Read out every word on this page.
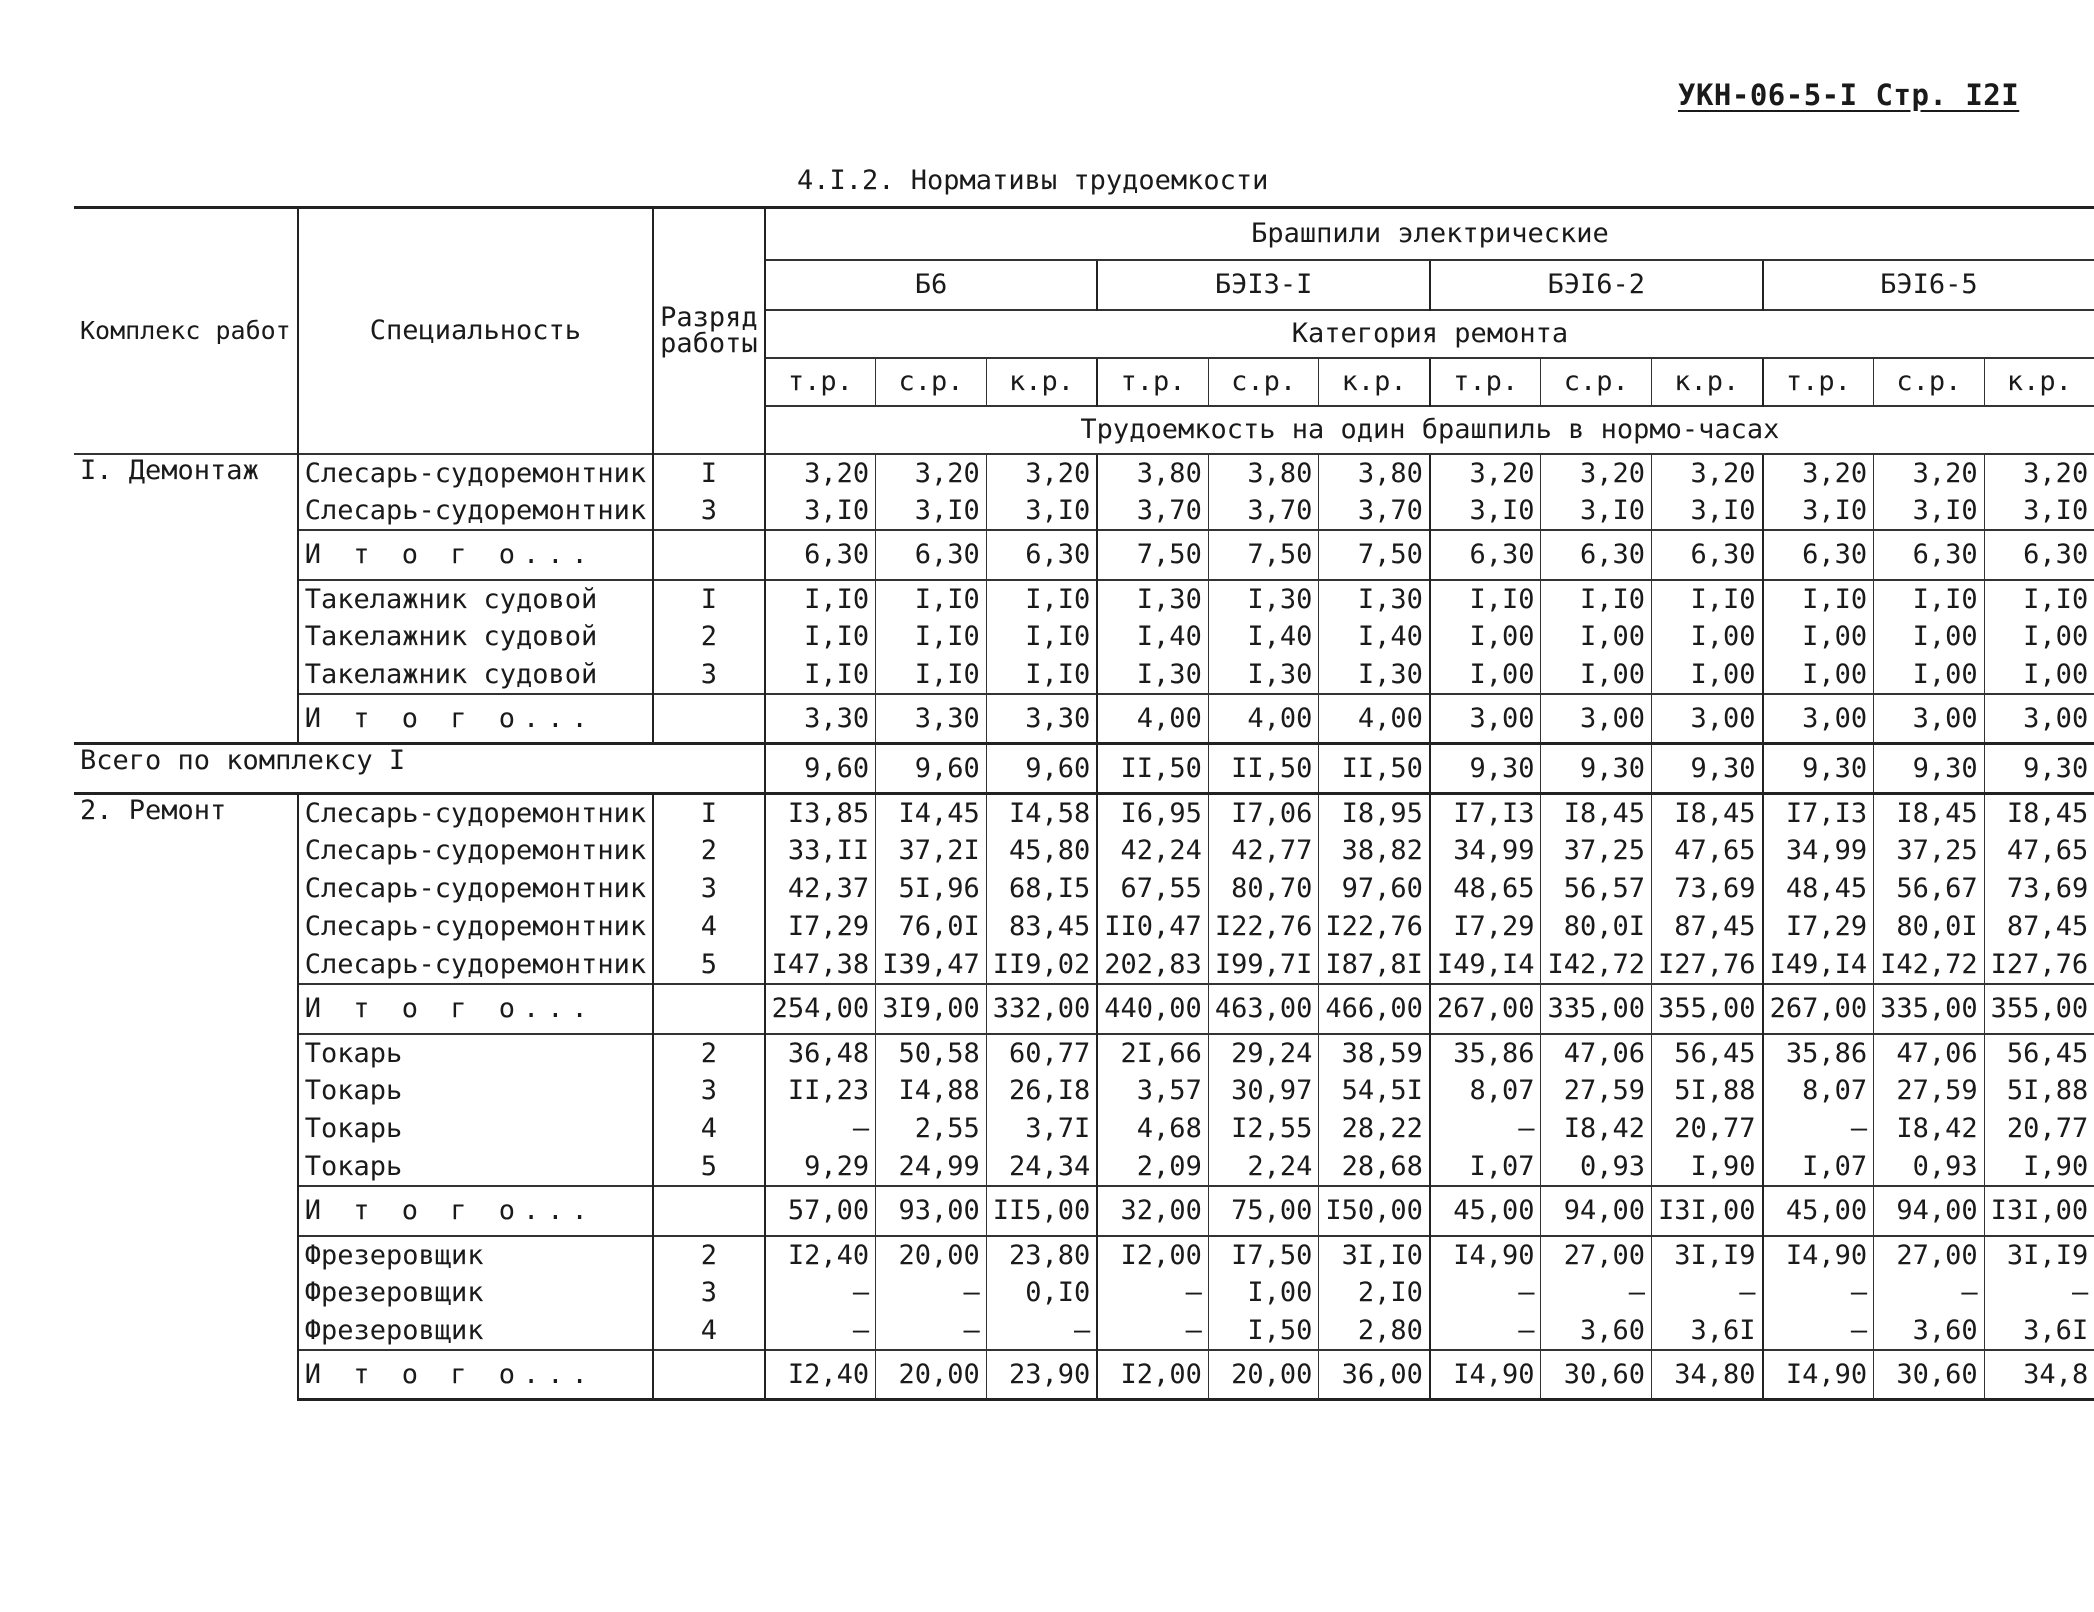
УКН-06-5-I Стр. I2I
4.I.2. Нормативы трудоемкости
Комплекс работ	Специальность	Разряд работы	Брашпили электрические											
			Б6			БЭI3-I			БЭI6-2			БЭI6-5		
			Категория ремонта											
			т.р.	с.р.	к.р.	т.р.	с.р.	к.р.	т.р.	с.р.	к.р.	т.р.	с.р.	к.р.
			Трудоемкость на один брашпиль в нормо-часах											
I. Демонтаж	Слесарь-судоремонтник	I	3,20	3,20	3,20	3,80	3,80	3,80	3,20	3,20	3,20	3,20	3,20	3,20
	Слесарь-судоремонтник	3	3,I0	3,I0	3,I0	3,70	3,70	3,70	3,I0	3,I0	3,I0	3,I0	3,I0	3,I0
	И т о г о...		6,30	6,30	6,30	7,50	7,50	7,50	6,30	6,30	6,30	6,30	6,30	6,30
	Такелажник судовой	I	I,I0	I,I0	I,I0	I,30	I,30	I,30	I,I0	I,I0	I,I0	I,I0	I,I0	I,I0
	Такелажник судовой	2	I,I0	I,I0	I,I0	I,40	I,40	I,40	I,00	I,00	I,00	I,00	I,00	I,00
	Такелажник судовой	3	I,I0	I,I0	I,I0	I,30	I,30	I,30	I,00	I,00	I,00	I,00	I,00	I,00
	И т о г о...		3,30	3,30	3,30	4,00	4,00	4,00	3,00	3,00	3,00	3,00	3,00	3,00
Всего по комплексу I			9,60	9,60	9,60	II,50	II,50	II,50	9,30	9,30	9,30	9,30	9,30	9,30
2. Ремонт	Слесарь-судоремонтник	I	I3,85	I4,45	I4,58	I6,95	I7,06	I8,95	I7,I3	I8,45	I8,45	I7,I3	I8,45	I8,45
	Слесарь-судоремонтник	2	33,II	37,2I	45,80	42,24	42,77	38,82	34,99	37,25	47,65	34,99	37,25	47,65
	Слесарь-судоремонтник	3	42,37	5I,96	68,I5	67,55	80,70	97,60	48,65	56,57	73,69	48,45	56,67	73,69
	Слесарь-судоремонтник	4	I7,29	76,0I	83,45	II0,47	I22,76	I22,76	I7,29	80,0I	87,45	I7,29	80,0I	87,45
	Слесарь-судоремонтник	5	I47,38	I39,47	II9,02	202,83	I99,7I	I87,8I	I49,I4	I42,72	I27,76	I49,I4	I42,72	I27,76
	И т о г о...		254,00	3I9,00	332,00	440,00	463,00	466,00	267,00	335,00	355,00	267,00	335,00	355,00
	Токарь	2	36,48	50,58	60,77	2I,66	29,24	38,59	35,86	47,06	56,45	35,86	47,06	56,45
	Токарь	3	II,23	I4,88	26,I8	3,57	30,97	54,5I	8,07	27,59	5I,88	8,07	27,59	5I,88
	Токарь	4	–	2,55	3,7I	4,68	I2,55	28,22	–	I8,42	20,77	–	I8,42	20,77
	Токарь	5	9,29	24,99	24,34	2,09	2,24	28,68	I,07	0,93	I,90	I,07	0,93	I,90
	И т о г о...		57,00	93,00	II5,00	32,00	75,00	I50,00	45,00	94,00	I3I,00	45,00	94,00	I3I,00
	Фрезеровщик	2	I2,40	20,00	23,80	I2,00	I7,50	3I,I0	I4,90	27,00	3I,I9	I4,90	27,00	3I,I9
	Фрезеровщик	3	–	–	0,I0	–	I,00	2,I0	–	–	–	–	–	–
	Фрезеровщик	4	–	–	–	–	I,50	2,80	–	3,60	3,6I	–	3,60	3,6I
	И т о г о...		I2,40	20,00	23,90	I2,00	20,00	36,00	I4,90	30,60	34,80	I4,90	30,60	34,8
